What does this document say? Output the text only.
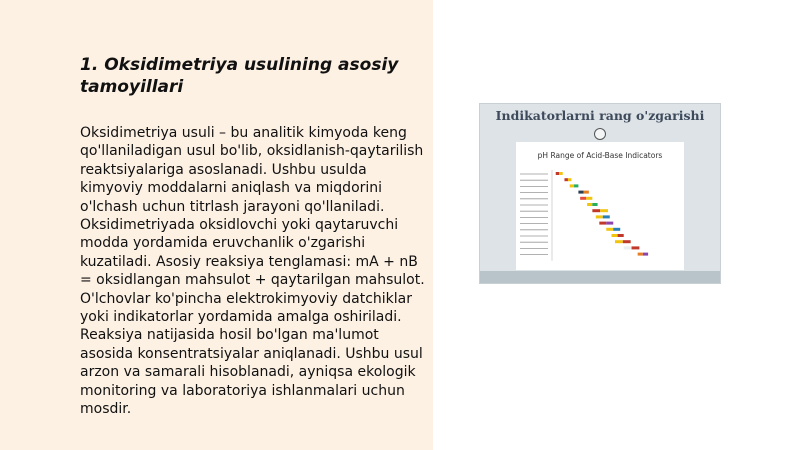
1. Oksidimetriya usulining asosiy tamoyillari

Oksidimetriya usuli – bu analitik kimyoda keng qo'llaniladigan usul bo'lib, oksidlanish-qaytarilish reaktsiyalariga asoslanadi. Ushbu usulda kimyoviy moddalarni aniqlash va miqdorini o'lchash uchun titrlash jarayoni qo'llaniladi. Oksidimetriyada oksidlovchi yoki qaytaruvchi modda yordamida eruvchanlik o'zgarishi kuzatiladi. Asosiy reaksiya tenglamasi: mA + nB = oksidlangan mahsulot + qaytarilgan mahsulot. O'lchovlar ko'pincha elektrokimyoviy datchiklar yoki indikatorlar yordamida amalga oshiriladi. Reaksiya natijasida hosil bo'lgan ma'lumot asosida konsentratsiyalar aniqlanadi. Ushbu usul arzon va samarali hisoblanadi, ayniqsa ekologik monitoring va laboratoriya ishlanmalari uchun mosdir.

Indikatorlarni rang o'zgarishi
pH Range of Acid-Base Indicators
